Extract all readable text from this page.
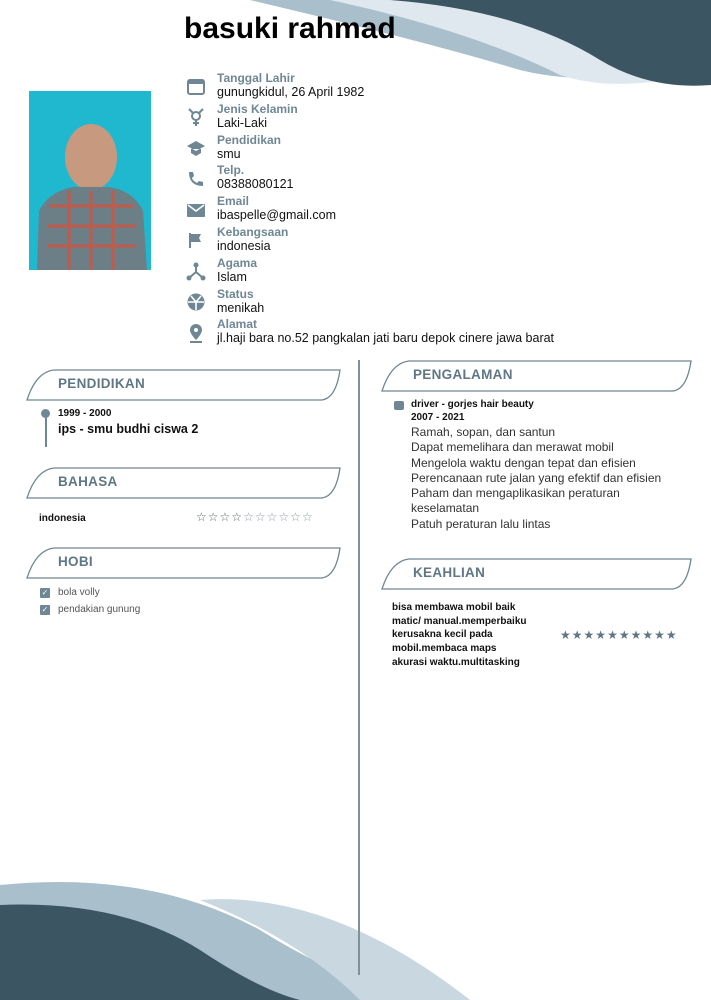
basuki rahmad
Tanggal Lahir
gunungkidul, 26 April 1982
Jenis Kelamin
Laki-Laki
Pendidikan
smu
Telp.
08388080121
Email
ibaspelle@gmail.com
Kebangsaan
indonesia
Agama
Islam
Status
menikah
Alamat
jl.haji bara no.52 pangkalan jati baru depok cinere jawa barat
PENDIDIKAN
1999 - 2000
ips - smu budhi ciswa 2
BAHASA
indonesia	☆☆☆☆☆☆☆☆☆☆
HOBI
✓ bola volly
✓ pendakian gunung
PENGALAMAN
driver - gorjes hair beauty
2007 - 2021
Ramah, sopan, dan santun
Dapat memelihara dan merawat mobil
Mengelola waktu dengan tepat dan efisien
Perencanaan rute jalan yang efektif dan efisien
Paham dan mengaplikasikan peraturan
keselamatan
Patuh peraturan lalu lintas
KEAHLIAN
bisa membawa mobil baik
matic/ manual.memperbaiku
kerusakna kecil pada
mobil.membaca maps
akurasi waktu.multitasking
★★★★★★★★★★
